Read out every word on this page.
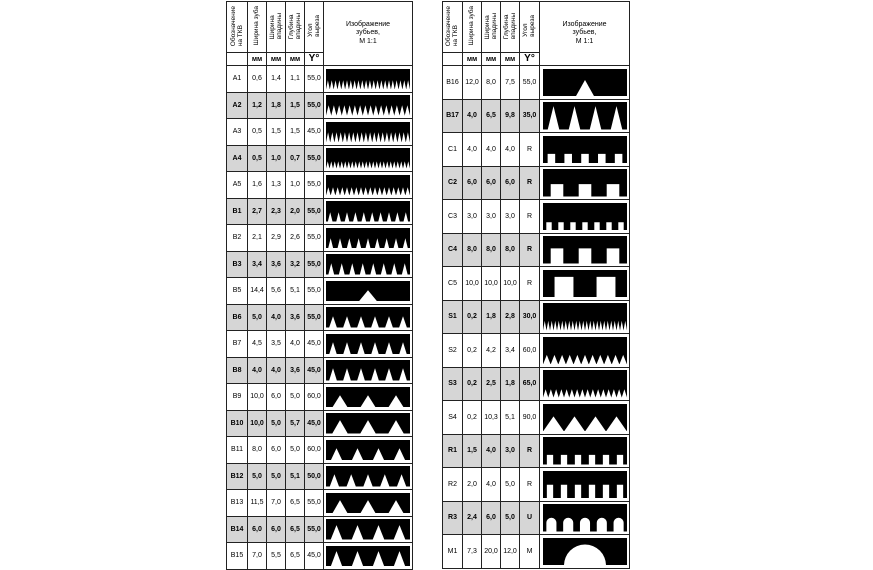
Обозначение
на ТКВ	Ширина зуба	Ширина
впадины	Глубина
впадины	Угол
выреза	Изображение
зубьев,
М 1:1
	мм	мм	мм	Y°	
A1	0,6	1,4	1,1	55,0	

A2	1,2	1,8	1,5	55,0	

A3	0,5	1,5	1,5	45,0	

A4	0,5	1,0	0,7	55,0	

A5	1,6	1,3	1,0	55,0	

B1	2,7	2,3	2,0	55,0	

B2	2,1	2,9	2,6	55,0	

B3	3,4	3,6	3,2	55,0	

B5	14,4	5,6	5,1	55,0	

B6	5,0	4,0	3,6	55,0	

B7	4,5	3,5	4,0	45,0	

B8	4,0	4,0	3,6	45,0	

B9	10,0	6,0	5,0	60,0	

B10	10,0	5,0	5,7	45,0	

B11	8,0	6,0	5,0	60,0	

B12	5,0	5,0	5,1	50,0	

B13	11,5	7,0	6,5	55,0	

B14	6,0	6,0	6,5	55,0	

B15	7,0	5,5	6,5	45,0	
Обозначение
на ТКВ	Ширина зуба	Ширина
впадины	Глубина
впадины	Угол
выреза	Изображение
зубьев,
М 1:1
	мм	мм	мм	Y°	
B16	12,0	8,0	7,5	55,0	

B17	4,0	6,5	9,8	35,0	

C1	4,0	4,0	4,0	R	

C2	6,0	6,0	6,0	R	

C3	3,0	3,0	3,0	R	

C4	8,0	8,0	8,0	R	

C5	10,0	10,0	10,0	R	

S1	0,2	1,8	2,8	30,0	

S2	0,2	4,2	3,4	60,0	

S3	0,2	2,5	1,8	65,0	

S4	0,2	10,3	5,1	90,0	

R1	1,5	4,0	3,0	R	

R2	2,0	4,0	5,0	R	

R3	2,4	6,0	5,0	U	

M1	7,3	20,0	12,0	M	
